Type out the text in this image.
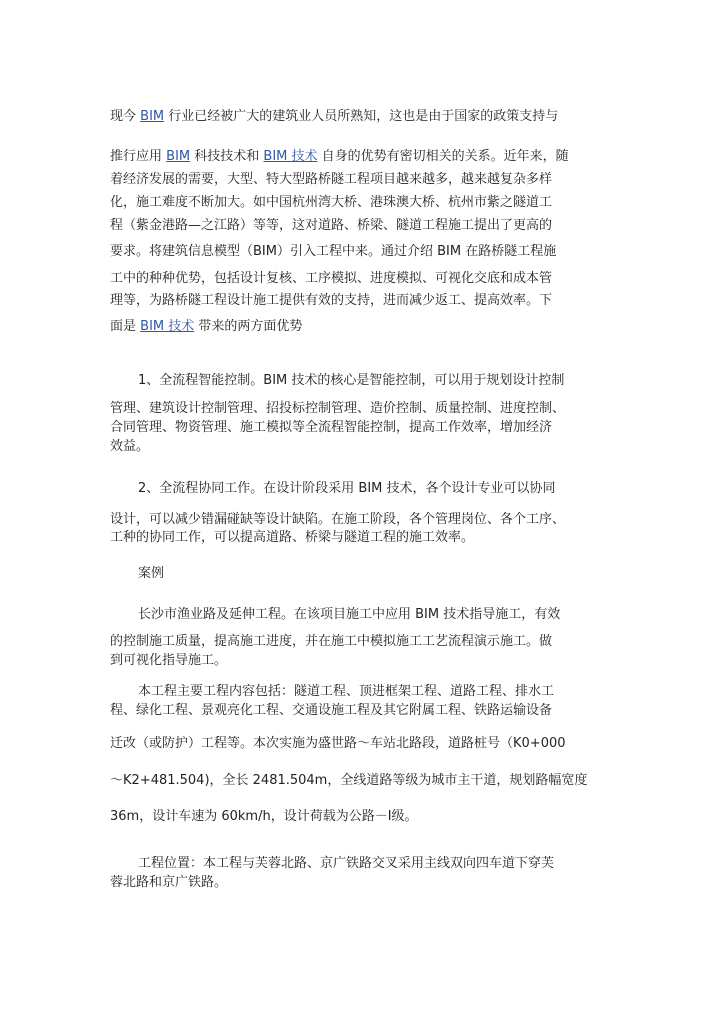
现今 BIM 行业已经被广大的建筑业人员所熟知，这也是由于国家的政策支持与
推行应用 BIM 科技技术和 BIM 技术 自身的优势有密切相关的关系。近年来，随
着经济发展的需要，大型、特大型路桥隧工程项目越来越多，越来越复杂多样
化，施工难度不断加大。如中国杭州湾大桥、港珠澳大桥、杭州市紫之隧道工
程（紫金港路—之江路）等等，这对道路、桥梁、隧道工程施工提出了更高的
要求。将建筑信息模型（BIM）引入工程中来。通过介绍 BIM 在路桥隧工程施
工中的种种优势，包括设计复核、工序模拟、进度模拟、可视化交底和成本管
理等，为路桥隧工程设计施工提供有效的支持，进而减少返工、提高效率。下
面是 BIM 技术 带来的两方面优势
1、全流程智能控制。BIM 技术的核心是智能控制，可以用于规划设计控制
管理、建筑设计控制管理、招投标控制管理、造价控制、质量控制、进度控制、
合同管理、物资管理、施工模拟等全流程智能控制，提高工作效率，增加经济
效益。
2、全流程协同工作。在设计阶段采用 BIM 技术，各个设计专业可以协同
设计，可以减少错漏碰缺等设计缺陷。在施工阶段，各个管理岗位、各个工序、
工种的协同工作，可以提高道路、桥梁与隧道工程的施工效率。
案例
长沙市渔业路及延伸工程。在该项目施工中应用 BIM 技术指导施工，有效
的控制施工质量，提高施工进度，并在施工中模拟施工工艺流程演示施工。做
到可视化指导施工。
本工程主要工程内容包括：隧道工程、顶进框架工程、道路工程、排水工
程、绿化工程、景观亮化工程、交通设施工程及其它附属工程、铁路运输设备
迁改（或防护）工程等。本次实施为盛世路～车站北路段，道路桩号（K0+000
～K2+481.504)，全长 2481.504m，全线道路等级为城市主干道，规划路幅宽度
36m，设计车速为 60km/h，设计荷载为公路－Ⅰ级。
工程位置：本工程与芙蓉北路、京广铁路交叉采用主线双向四车道下穿芙
蓉北路和京广铁路。
